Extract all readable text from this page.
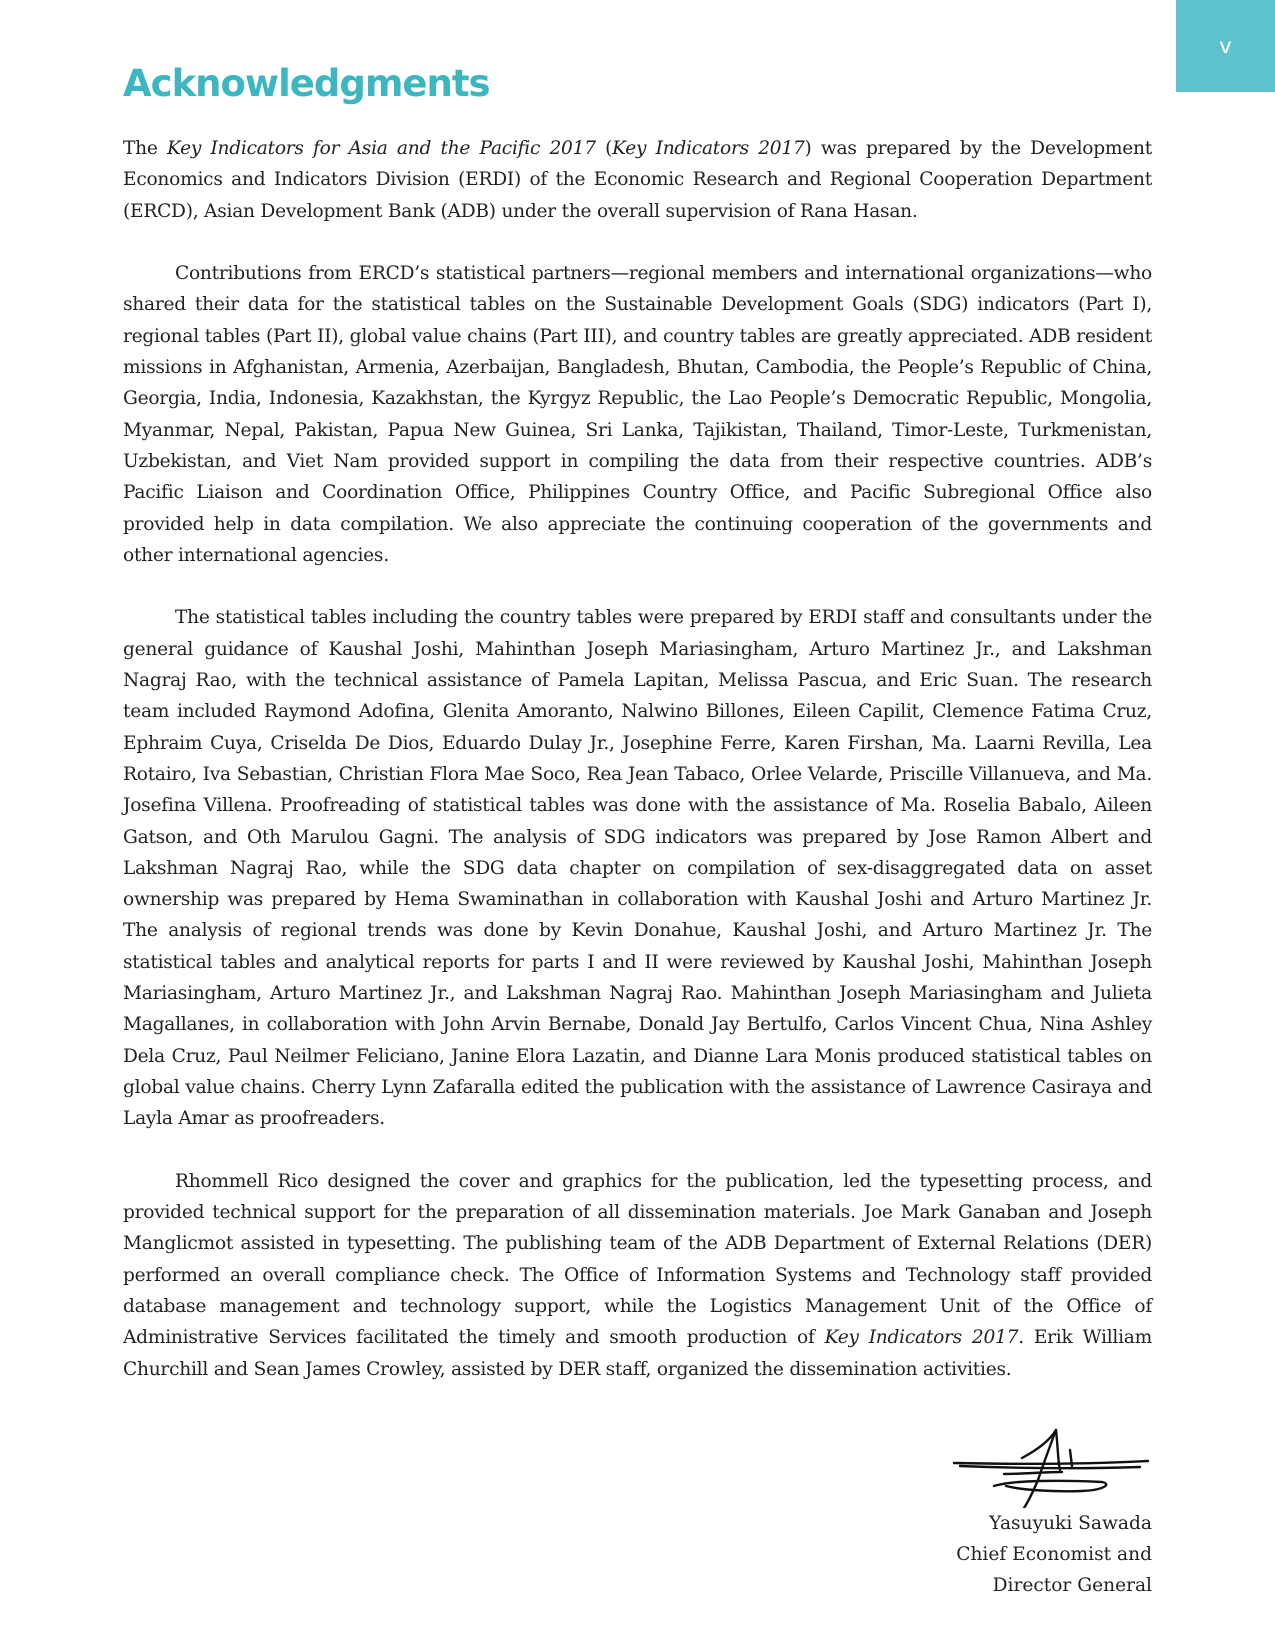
v
Acknowledgments

The Key Indicators for Asia and the Pacific 2017 (Key Indicators 2017) was prepared by the Development Economics and Indicators Division (ERDI) of the Economic Research and Regional Cooperation Department (ERCD), Asian Development Bank (ADB) under the overall supervision of Rana Hasan.

Contributions from ERCD’s statistical partners—regional members and international organizations—who shared their data for the statistical tables on the Sustainable Development Goals (SDG) indicators (Part I), regional tables (Part II), global value chains (Part III), and country tables are greatly appreciated. ADB resident missions in Afghanistan, Armenia, Azerbaijan, Bangladesh, Bhutan, Cambodia, the People’s Republic of China, Georgia, India, Indonesia, Kazakhstan, the Kyrgyz Republic, the Lao People’s Democratic Republic, Mongolia, Myanmar, Nepal, Pakistan, Papua New Guinea, Sri Lanka, Tajikistan, Thailand, Timor-Leste, Turkmenistan, Uzbekistan, and Viet Nam provided support in compiling the data from their respective countries. ADB’s Pacific Liaison and Coordination Office, Philippines Country Office, and Pacific Subregional Office also provided help in data compilation. We also appreciate the continuing cooperation of the governments and other international agencies.

The statistical tables including the country tables were prepared by ERDI staff and consultants under the general guidance of Kaushal Joshi, Mahinthan Joseph Mariasingham, Arturo Martinez Jr., and Lakshman Nagraj Rao, with the technical assistance of Pamela Lapitan, Melissa Pascua, and Eric Suan. The research team included Raymond Adofina, Glenita Amoranto, Nalwino Billones, Eileen Capilit, Clemence Fatima Cruz, Ephraim Cuya, Criselda De Dios, Eduardo Dulay Jr., Josephine Ferre, Karen Firshan, Ma. Laarni Revilla, Lea Rotairo, Iva Sebastian, Christian Flora Mae Soco, Rea Jean Tabaco, Orlee Velarde, Priscille Villanueva, and Ma. Josefina Villena. Proofreading of statistical tables was done with the assistance of Ma. Roselia Babalo, Aileen Gatson, and Oth Marulou Gagni. The analysis of SDG indicators was prepared by Jose Ramon Albert and Lakshman Nagraj Rao, while the SDG data chapter on compilation of sex-disaggregated data on asset ownership was prepared by Hema Swaminathan in collaboration with Kaushal Joshi and Arturo Martinez Jr. The analysis of regional trends was done by Kevin Donahue, Kaushal Joshi, and Arturo Martinez Jr. The statistical tables and analytical reports for parts I and II were reviewed by Kaushal Joshi, Mahinthan Joseph Mariasingham, Arturo Martinez Jr., and Lakshman Nagraj Rao. Mahinthan Joseph Mariasingham and Julieta Magallanes, in collaboration with John Arvin Bernabe, Donald Jay Bertulfo, Carlos Vincent Chua, Nina Ashley Dela Cruz, Paul Neilmer Feliciano, Janine Elora Lazatin, and Dianne Lara Monis produced statistical tables on global value chains. Cherry Lynn Zafaralla edited the publication with the assistance of Lawrence Casiraya and Layla Amar as proofreaders.

Rhommell Rico designed the cover and graphics for the publication, led the typesetting process, and provided technical support for the preparation of all dissemination materials. Joe Mark Ganaban and Joseph Manglicmot assisted in typesetting. The publishing team of the ADB Department of External Relations (DER) performed an overall compliance check. The Office of Information Systems and Technology staff provided database management and technology support, while the Logistics Management Unit of the Office of Administrative Services facilitated the timely and smooth production of Key Indicators 2017. Erik William Churchill and Sean James Crowley, assisted by DER staff, organized the dissemination activities.

Yasuyuki Sawada
Chief Economist and
Director General
